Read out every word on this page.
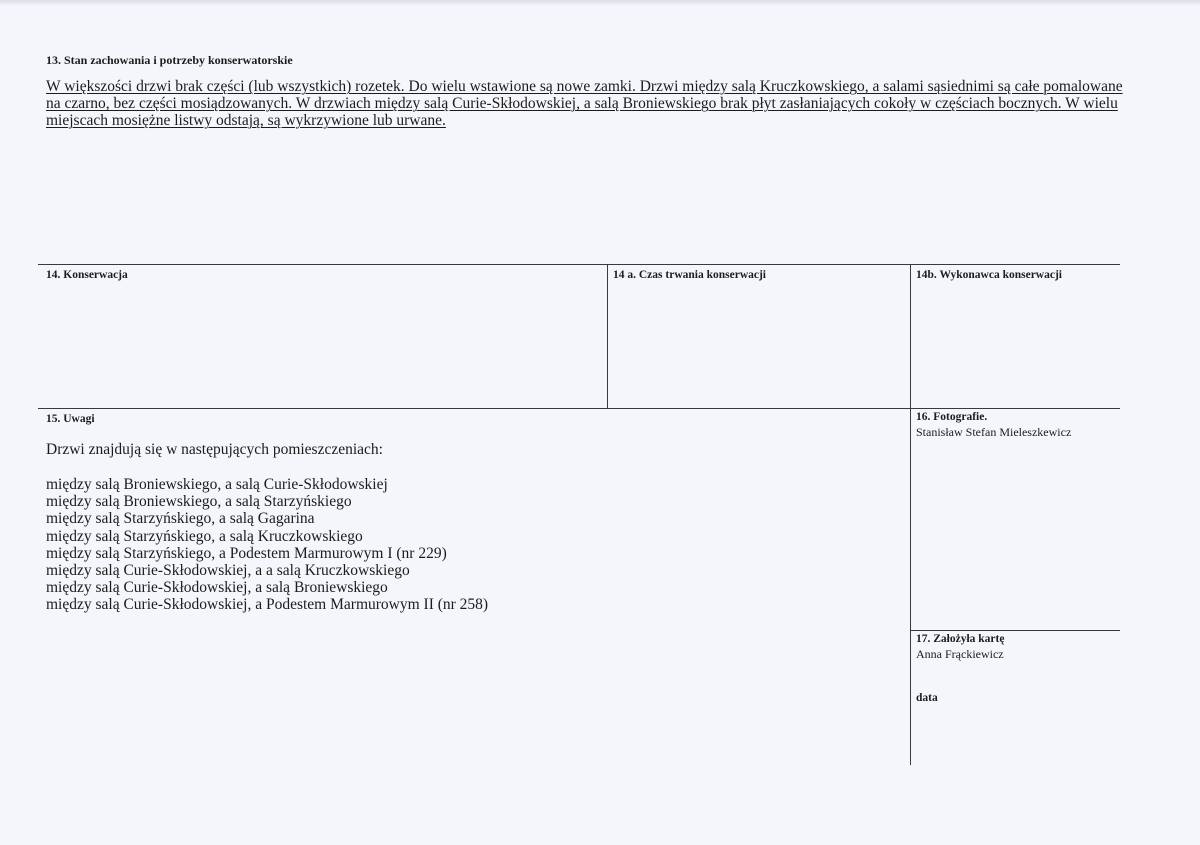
13. Stan zachowania i potrzeby konserwatorskie
W większości drzwi brak części (lub wszystkich) rozetek. Do wielu wstawione są nowe zamki. Drzwi między salą Kruczkowskiego, a salami sąsiednimi są całe pomalowane na czarno, bez części mosiądzowanych. W drzwiach między salą Curie-Skłodowskiej, a salą Broniewskiego brak płyt zasłaniających cokoły w częściach bocznych. W wielu miejscach mosiężne listwy odstają, są wykrzywione lub urwane.
14. Konserwacja	14 a. Czas trwania konserwacji	14b. Wykonawca konserwacji
15. Uwagi
Drzwi znajdują się w następujących pomieszczeniach:
między salą Broniewskiego, a salą Curie-Skłodowskiej
między salą Broniewskiego, a salą Starzyńskiego
między salą Starzyńskiego, a salą Gagarina
między salą Starzyńskiego, a salą Kruczkowskiego
między salą Starzyńskiego, a Podestem Marmurowym I (nr 229)
między salą Curie-Skłodowskiej, a a salą Kruczkowskiego
między salą Curie-Skłodowskiej, a salą Broniewskiego
między salą Curie-Skłodowskiej, a Podestem Marmurowym II (nr 258)
16. Fotografie.
Stanisław Stefan Mieleszkewicz
17. Założyła kartę
Anna Frąckiewicz
data
